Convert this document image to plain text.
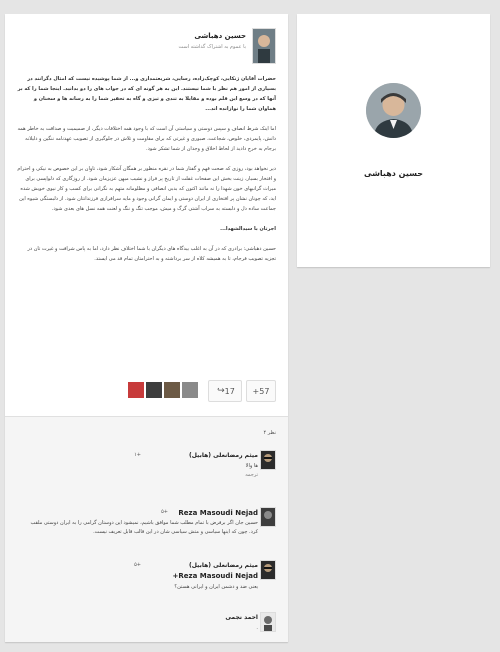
حسین دهباشی
با عموم به اشتراک گذاشته است

حضرات آقایان ژنکایی، کوچک‌زاده، رسایی، شریعتمداری و... از شما پوشیده نیست که امثال دگرانند در بسیاری از امور هم نظر با شما نیستند. این به هر گونه ای که در جواب های را دو بدانید. اینجا شما را که بر آنها که در وسع این قلم بوده و مقابلا به تندی و تیزی و گاه به تحقیر شما را به رسانه ها و سخنان و هماوان شما را نوازانده اند...

اما اینک شرط انصاف و سپس دوستی و سیاستی آن است که با وجود همه اختلافات دیگر، از صمیمیت و صداقت به خاطر همه دانش، پایمردی، خلوص، شجاعت، صبوری و غیرتی که برای مقاومت و تلاش در جلوگیری از تصویب عهدنامه ننگین و ذلیلانه برجام به خرج دادید از لحاظ اخلاق و وجدان از شما تشکر شود.

دیر نخواهد بود، روزی که صحت فهم و گفتار شما در نقره منظور بر همگان آشکار شود، تاوان بر این خصوص به نیکی و احترام و افتخار بسیار، زینت بخش این صفحات غفلت از تاریخ پر فراز و نشیب میهن عزیزمان شود. از روزگاری که دلواپسی برای میراث گرانبهای خون شهدا را نه مانند اکنون که بدبی انصافی و مظلومانه متهم به نگرانی برای کسب و کار نیوی خویش شده اید، که چونان نشان پر افتخاری از ایران دوستی و ایمان گرانی وجود و مایه سرافرازی فرزندانتان شود. از دلبستگی شیوه این جماعت ساده دل و دلبسته به سراب آشتی گرگ و میش، موجب تنگ و ننگ و لعنت همه نسل های بعدی شود.

اجرتان با سیدالشهدا...

حسین دهباشی: برادری که در آن به اغلب بیدگاه های دیگران با شما اختلاف نظر دارد، اما به پاس شرافت و غیرت تان در تجزیه تصویب فرجام، تا به همیشه کلاه از سر برداشته و به احترامتان تمام قد می ایستد.

+57
↪ 17
۴ نظر
میثم رمضانعلی (هابیل)
+۱
ها والا
ترجمه
Reza Masoudi Nejad
+۵
حسین جان اگر برفرض با تمام مطلب شما موافق باشیم، نمیشود این دوستان گرامی را به ایران دوستی ملقب کرد. چون که اینها سیاسی و متش سیاسی شان در این قالب قابل تعریف نیست.
میثم رمضانعلی (هابیل)
+۵
+Reza Masoudi Nejad
یعنی ضد و دشمن ایران و ایرانی هستن؟
احمد نجمی
.
حسین دهباشی
